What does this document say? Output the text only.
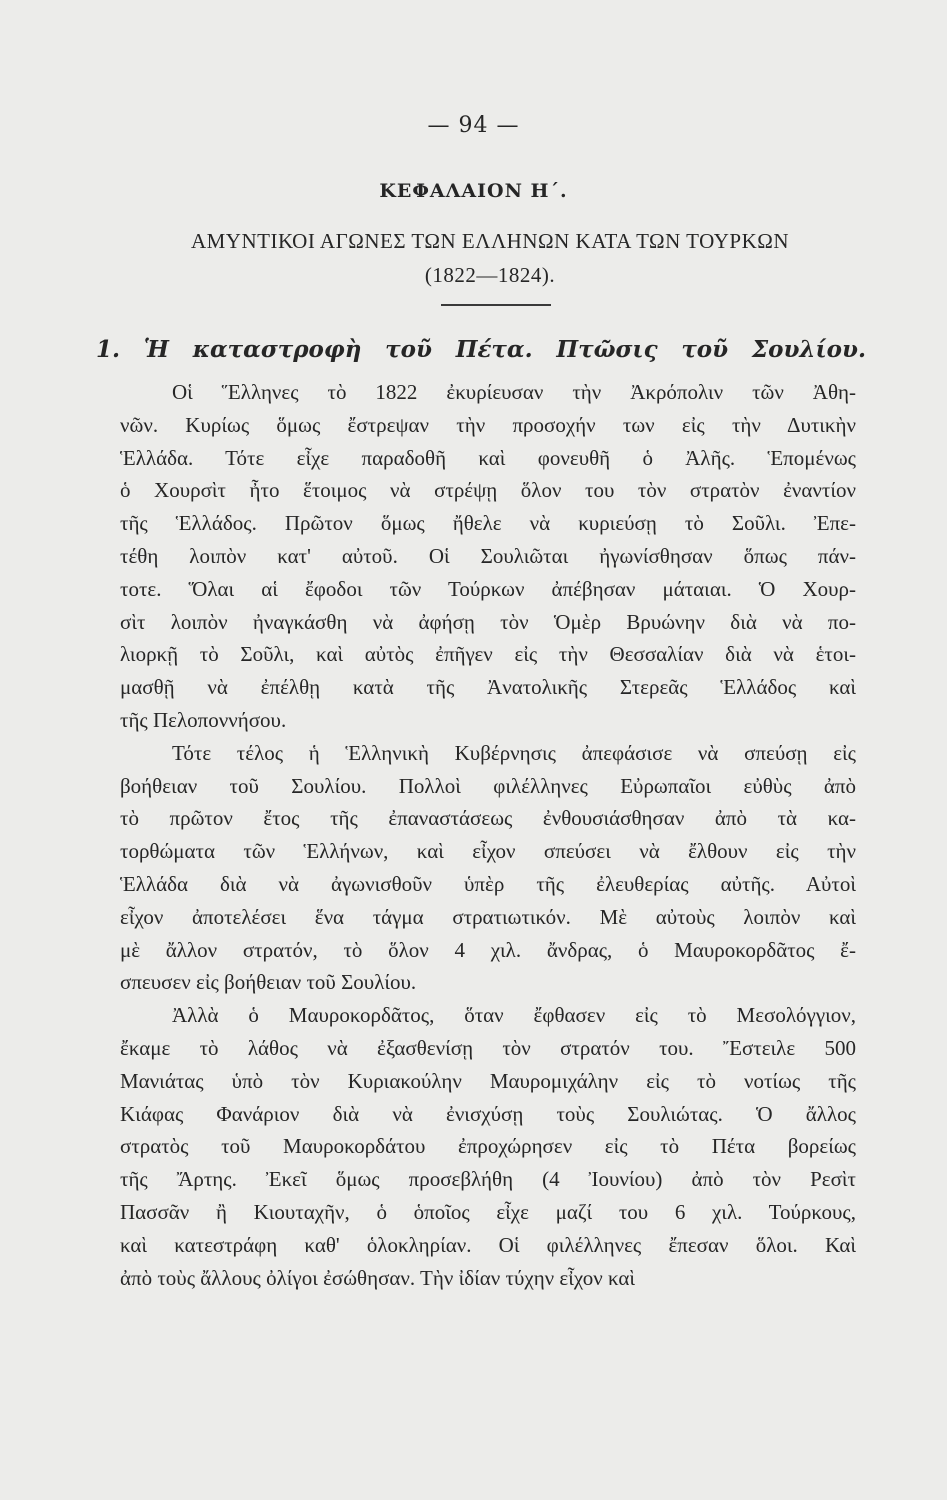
— 94 —
ΚΕΦΑΛΑΙΟΝ Η΄.
ΑΜΥΝΤΙΚΟΙ ΑΓΩΝΕΣ ΤΩΝ ΕΛΛΗΝΩΝ ΚΑΤΑ ΤΩΝ ΤΟΥΡΚΩΝ
(1822—1824).
1. Ἡ καταστροφὴ τοῦ Πέτα. Πτῶσις τοῦ Σουλίου.

Οἱ Ἕλληνες τὸ 1822 ἐκυρίευσαν τὴν Ἀκρόπολιν τῶν Ἀθη-
νῶν. Κυρίως ὅμως ἔστρεψαν τὴν προσοχήν των εἰς τὴν Δυτικὴν
Ἑλλάδα. Τότε εἶχε παραδοθῆ καὶ φονευθῆ ὁ Ἀλῆς. Ἑπομένως
ὁ Χουρσὶτ ἦτο ἕτοιμος νὰ στρέψῃ ὅλον του τὸν στρατὸν ἐναντίον
τῆς Ἑλλάδος. Πρῶτον ὅμως ἤθελε νὰ κυριεύσῃ τὸ Σοῦλι. Ἐπε-
τέθη λοιπὸν κατ' αὐτοῦ. Οἱ Σουλιῶται ἠγωνίσθησαν ὅπως πάν-
τοτε. Ὅλαι αἱ ἔφοδοι τῶν Τούρκων ἀπέβησαν μάταιαι. Ὁ Χουρ-
σὶτ λοιπὸν ἠναγκάσθη νὰ ἀφήσῃ τὸν Ὁμὲρ Βρυώνην διὰ νὰ πο-
λιορκῇ τὸ Σοῦλι, καὶ αὐτὸς ἐπῆγεν εἰς τὴν Θεσσαλίαν διὰ νὰ ἑτοι-
μασθῇ νὰ ἐπέλθῃ κατὰ τῆς Ἀνατολικῆς Στερεᾶς Ἑλλάδος καὶ
τῆς Πελοποννήσου.

Τότε τέλος ἡ Ἑλληνικὴ Κυβέρνησις ἀπεφάσισε νὰ σπεύσῃ εἰς
βοήθειαν τοῦ Σουλίου. Πολλοὶ φιλέλληνες Εὐρωπαῖοι εὐθὺς ἀπὸ
τὸ πρῶτον ἔτος τῆς ἐπαναστάσεως ἐνθουσιάσθησαν ἀπὸ τὰ κα-
τορθώματα τῶν Ἑλλήνων, καὶ εἶχον σπεύσει νὰ ἔλθουν εἰς τὴν
Ἑλλάδα διὰ νὰ ἀγωνισθοῦν ὑπὲρ τῆς ἐλευθερίας αὐτῆς. Αὐτοὶ
εἶχον ἀποτελέσει ἕνα τάγμα στρατιωτικόν. Μὲ αὐτοὺς λοιπὸν καὶ
μὲ ἄλλον στρατόν, τὸ ὅλον 4 χιλ. ἄνδρας, ὁ Μαυροκορδᾶτος ἔ-
σπευσεν εἰς βοήθειαν τοῦ Σουλίου.

Ἀλλὰ ὁ Μαυροκορδᾶτος, ὅταν ἔφθασεν εἰς τὸ Μεσολόγγιον,
ἔκαμε τὸ λάθος νὰ ἐξασθενίσῃ τὸν στρατόν του. Ἔστειλε 500
Μανιάτας ὑπὸ τὸν Κυριακούλην Μαυρομιχάλην εἰς τὸ νοτίως τῆς
Κιάφας Φανάριον διὰ νὰ ἐνισχύσῃ τοὺς Σουλιώτας. Ὁ ἄλλος
στρατὸς τοῦ Μαυροκορδάτου ἐπροχώρησεν εἰς τὸ Πέτα βορείως
τῆς Ἄρτης. Ἐκεῖ ὅμως προσεβλήθη (4 Ἰουνίου) ἀπὸ τὸν Ρεσὶτ
Πασσᾶν ἢ Κιουταχῆν, ὁ ὁποῖος εἶχε μαζί του 6 χιλ. Τούρκους,
καὶ κατεστράφη καθ' ὁλοκληρίαν. Οἱ φιλέλληνες ἔπεσαν ὅλοι. Καὶ
ἀπὸ τοὺς ἄλλους ὀλίγοι ἐσώθησαν. Τὴν ἰδίαν τύχην εἶχον καὶ
